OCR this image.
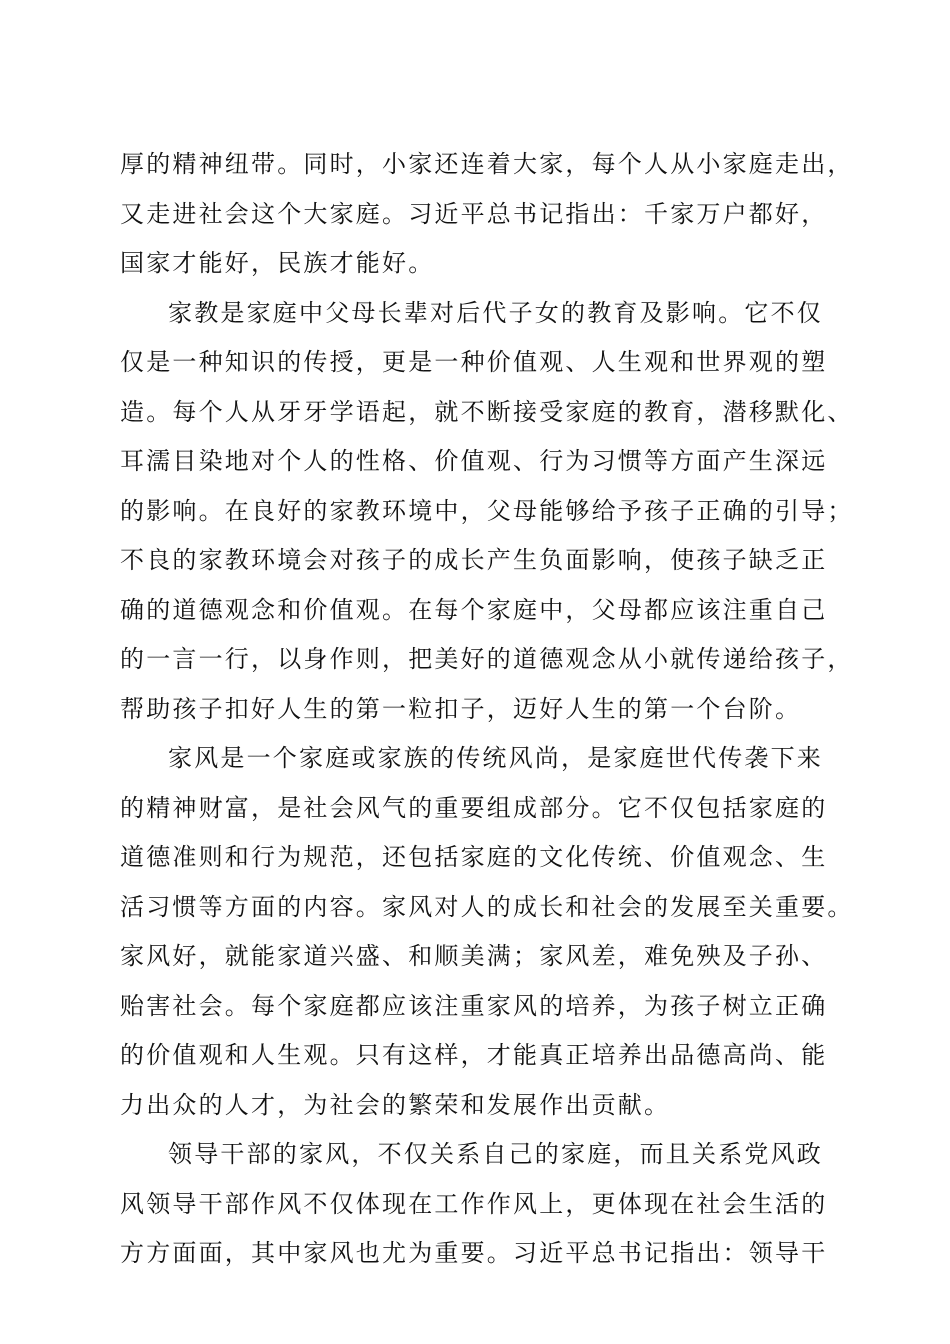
厚的精神纽带。同时，小家还连着大家，每个人从小家庭走出，
又走进社会这个大家庭。习近平总书记指出：千家万户都好，
国家才能好，民族才能好。
家教是家庭中父母长辈对后代子女的教育及影响。它不仅
仅是一种知识的传授，更是一种价值观、人生观和世界观的塑
造。每个人从牙牙学语起，就不断接受家庭的教育，潜移默化、
耳濡目染地对个人的性格、价值观、行为习惯等方面产生深远
的影响。在良好的家教环境中，父母能够给予孩子正确的引导；
不良的家教环境会对孩子的成长产生负面影响，使孩子缺乏正
确的道德观念和价值观。在每个家庭中，父母都应该注重自己
的一言一行，以身作则，把美好的道德观念从小就传递给孩子，
帮助孩子扣好人生的第一粒扣子，迈好人生的第一个台阶。
家风是一个家庭或家族的传统风尚，是家庭世代传袭下来
的精神财富，是社会风气的重要组成部分。它不仅包括家庭的
道德准则和行为规范，还包括家庭的文化传统、价值观念、生
活习惯等方面的内容。家风对人的成长和社会的发展至关重要。
家风好，就能家道兴盛、和顺美满；家风差，难免殃及子孙、
贻害社会。每个家庭都应该注重家风的培养，为孩子树立正确
的价值观和人生观。只有这样，才能真正培养出品德高尚、能
力出众的人才，为社会的繁荣和发展作出贡献。
领导干部的家风，不仅关系自己的家庭，而且关系党风政
风领导干部作风不仅体现在工作作风上，更体现在社会生活的
方方面面，其中家风也尤为重要。习近平总书记指出：领导干
